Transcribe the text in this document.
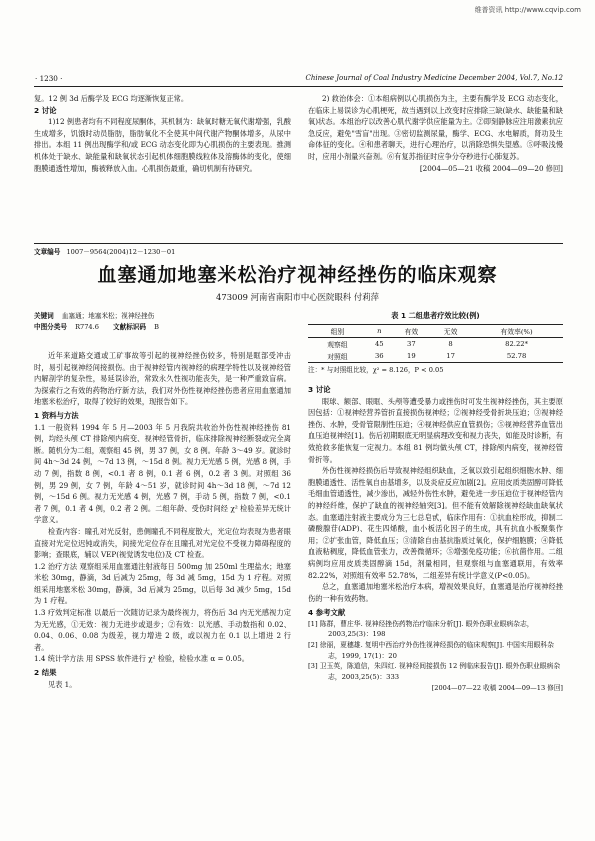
维普资讯 http://www.cqvip.com
· 1230 ·	Chinese Journal of Coal Industry Medicine December 2004, Vol.7, No.12

复。12 例 3d 后酶学及 ECG 均逐渐恢复正常。

2 讨论

1)12 例患者均有不同程度尿酮体，其机制为：缺氧时糖无氧代谢增强，乳酸生成增多，饥饿时动员脂肪，脂肪氧化不全使其中间代谢产物酮体增多，从尿中排出。本组 11 例出现酶学和/或 ECG 动态变化即为心肌损伤的主要表现。推测机体处于缺水、缺能量和缺氧状态引起机体细胞膜线粒体及溶酶体的变化，使细胞膜通透性增加，酶被释放入血。心肌损伤最重，确切机制有待研究。

2) 救治体会：①本组病例以心肌损伤为主，主要有酶学及 ECG 动态变化，在临床上易误诊为心肌梗死，故当遇到以上改变时应排除三缺(缺水、缺能量和缺氧)状态。本组治疗以改善心肌代谢学供应能量为主。②即刻静脉应注用激素抗应急反应，避免"雪盲"出现。③密切监测尿量，酶学、ECG、水电解质，肾功及生命体征的变化。④和患者聊天，进行心理治疗，以消除恐惧失望感。⑤呼吸浅慢时，应用小剂量兴奋剂。⑥有复苏指征时应争分夺秒进行心肺复苏。

[2004—05—21 收稿 2004—09—20 修回]

文章编号 1007－9564(2004)12－1230－01
血塞通加地塞米松治疗视神经挫伤的临床观察
473009 河南省南阳市中心医院眼科 付莉萍
关键词 血塞通；地塞米松；视神经挫伤
中图分类号 R774.6 文献标识码 B

近年来道路交通或工矿事故等引起的视神经挫伤较多，特别是眶部受冲击时，易引起视神经间接损伤。由于视神经管内视神经的病理学特性以及视神经管内解剖学的复杂性，易延误诊治，常致永久性视功能丧失，是一种严重致盲病。为探索行之有效的药物治疗新方法，我们对外伤性视神经挫伤患者应用血塞通加地塞米松治疗，取得了较好的效果，现报告如下。

1 资料与方法

1.1 一般资料 1994 年 5 月—2003 年 5 月我院共收治外伤性视神经挫伤 81 例，均经头颅 CT 排除颅内病变、视神经管骨折，临床排除视神经断裂或完全离断。随机分为二组，观察组 45 例，男 37 例，女 8 例。年龄 3～49 岁。就诊时间 4h～3d 24 例，～7d 13 例，～15d 8 例。视力无光感 5 例，光感 8 例，手动 7 例，指数 8 例，<0.1 者 8 例，0.1 者 6 例，0.2 者 3 例。对照组 36 例，男 29 例，女 7 例，年龄 4～51 岁，就诊时间 4h～3d 18 例，～7d 12 例，～15d 6 例。视力无光感 4 例，光感 7 例，手动 5 例，指数 7 例，<0.1 者 7 例，0.1 者 4 例，0.2 者 2 例。二组年龄、受伤时间经 χ² 检验差异无统计学意义。

检查内容：瞳孔对光反射，患侧瞳孔不同程度散大，光定位均表现为患者眼直接对光定位迟钝或消失，间接光定位存在且瞳孔对光定位不受视力障碍程度的影响；查眼底，辅以 VEP(视觉诱发电位)及 CT 检查。

1.2 治疗方法 观察组采用血塞通注射液每日 500mg 加 250ml 生理盐水；地塞米松 30mg，静滴，3d 后减为 25mg，每 3d 减 5mg，15d 为 1 疗程。对照组采用地塞米松 30mg，静滴，3d 后减为 25mg，以后每 3d 减少 5mg，15d 为 1 疗程。

1.3 疗效判定标准 以最后一次随访记录为最终视力，将伤后 3d 内无光感视力定为无光感，①无效：视力无进步或退步；②有效：以光感、手动数指和 0.02、0.04、0.06、0.08 为级差，视力增进 2 级，或以视力在 0.1 以上增进 2 行者。

1.4 统计学方法 用 SPSS 软件进行 χ² 检验，检验水准 α = 0.05。

2 结果

见表 1。

表 1 二组患者疗效比较(例)
组别	n	有效	无效	有效率(%)
观察组	45	37	8	82.22*
对照组	36	19	17	52.78
注：* 与对照组比较，χ² = 8.126，P < 0.05

3 讨论

眼球、额部、眼眶、头颅等遭受暴力或挫伤时可发生视神经挫伤，其主要原因包括：①视神经营养管折直接损伤视神经；②视神经受骨折块压迫；③视神经挫伤、水肿，受骨管限制性压迫；④视神经供应血管损伤；⑤视神经营养血管出血压迫视神经[1]。伤后初期眼底无明显病理改变和视力丧失，如能及时诊断，有效抢救多能恢复一定视力。本组 81 例均做头颅 CT，排除颅内病变，视神经管骨折等。

外伤性视神经损伤后导致视神经组织缺血，乏氧以致引起组织细胞水肿、细胞膜通透性、活性氧自由基增多，以及炎症反应加剧[2]。应用皮质类固醇可降低毛细血管通透性，减少渗出，减轻外伤性水肿，避免进一步压迫位于视神经管内的神经纤维，保护了缺血的视神经轴突[3]。但不能有效解除视神经缺血缺氧状态。血塞通注射液主要成分为三七总皂甙，临床作用有：①抗血栓形成，抑制二磷酸腺苷(ADP)、花生四烯酸，血小板活化因子的生成，具有抗血小板聚集作用；②扩张血管，降低血压；③清除自由基抗脂质过氧化，保护细胞膜；④降低血液粘稠度，降低血管张力，改善微循环；⑤增强免疫功能；⑥抗菌作用。二组病例均应用皮质类固醇滴 15d，剂量相同，但观察组与血塞通联用，有效率 82.22%，对照组有效率 52.78%，二组差异有统计学意义(P<0.05)。

总之，血塞通加地塞米松治疗本病，增视效果良好，血塞通是治疗视神经挫伤的一种有效药物。

4 参考文献

[1] 陈群，曹庄华. 视神经挫伤药物治疗临床分析[J]. 眼外伤职业眼病杂志，2003,25(3)：198

[2] 徐丽，夏穗雄. 复明中西治疗外伤性视神经损伤的临床观察[J]. 中国实用眼科杂志，1999, 17(1)：20

[3] 卫玉英，陈道信，朱四红. 视神经间接损伤 12 例临床报告[J]. 眼外伤职业眼病杂志，2003,25(5)：333

[2004—07—22 收稿 2004—09—13 修回]
